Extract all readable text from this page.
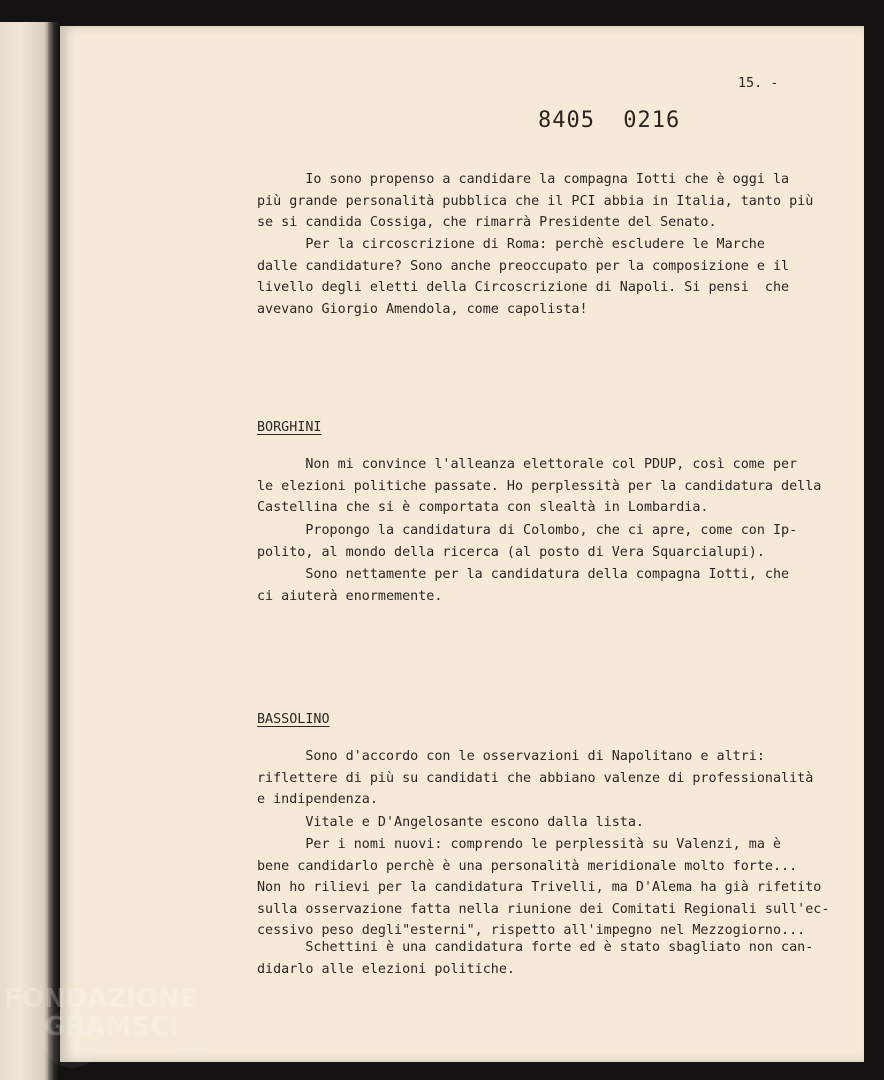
15. -
8405 0216
Io sono propenso a candidare la compagna Iotti che è oggi la
più grande personalità pubblica che il PCI abbia in Italia, tanto più
se si candida Cossiga, che rimarrà Presidente del Senato.
Per la circoscrizione di Roma: perchè escludere le Marche
dalle candidature? Sono anche preoccupato per la composizione e il
livello degli eletti della Circoscrizione di Napoli. Si pensi  che
avevano Giorgio Amendola, come capolista!
BORGHINI
Non mi convince l'alleanza elettorale col PDUP, così come per
le elezioni politiche passate. Ho perplessità per la candidatura della
Castellina che si è comportata con slealtà in Lombardia.
Propongo la candidatura di Colombo, che ci apre, come con Ip-
polito, al mondo della ricerca (al posto di Vera Squarcialupi).
Sono nettamente per la candidatura della compagna Iotti, che
ci aiuterà enormemente.
BASSOLINO
Sono d'accordo con le osservazioni di Napolitano e altri:
riflettere di più su candidati che abbiano valenze di professionalità
e indipendenza.
Vitale e D'Angelosante escono dalla lista.
Per i nomi nuovi: comprendo le perplessità su Valenzi, ma è
bene candidarlo perchè è una personalità meridionale molto forte...
Non ho rilievi per la candidatura Trivelli, ma D'Alema ha già rifetito
sulla osservazione fatta nella riunione dei Comitati Regionali sull'ec-
cessivo peso degli"esterni", rispetto all'impegno nel Mezzogiorno...
Schettini è una candidatura forte ed è stato sbagliato non can-
didarlo alle elezioni politiche.
FONDAZIONE
GRAMSCI
onlus
